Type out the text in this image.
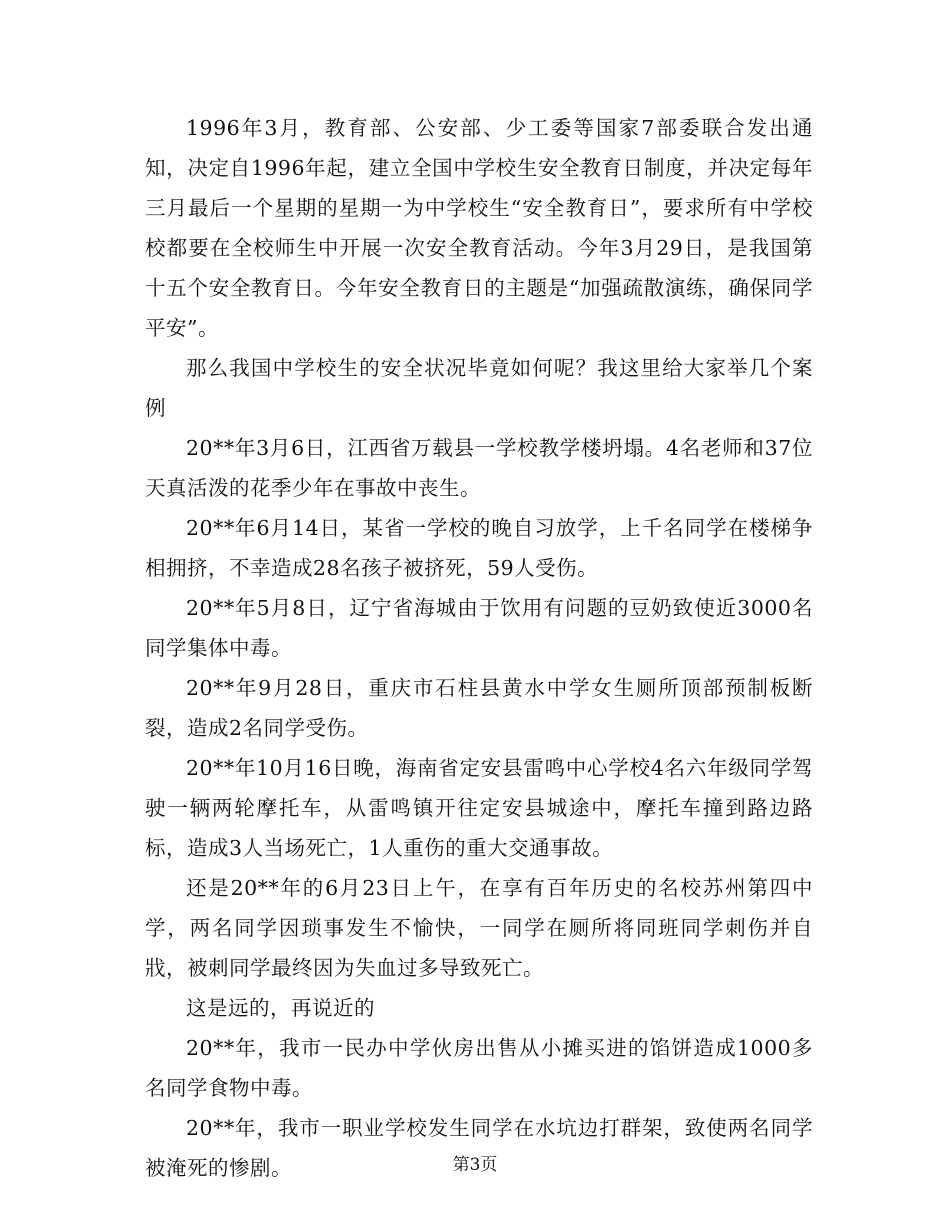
1996年3月，教育部、公安部、少工委等国家7部委联合发出通知，决定自1996年起，建立全国中学校生安全教育日制度，并决定每年三月最后一个星期的星期一为中学校生“安全教育日”，要求所有中学校校都要在全校师生中开展一次安全教育活动。今年3月29日，是我国第十五个安全教育日。今年安全教育日的主题是“加强疏散演练，确保同学平安”。

那么我国中学校生的安全状况毕竟如何呢？我这里给大家举几个案例

20**年3月6日，江西省万载县一学校教学楼坍塌。4名老师和37位天真活泼的花季少年在事故中丧生。

20**年6月14日，某省一学校的晚自习放学，上千名同学在楼梯争相拥挤，不幸造成28名孩子被挤死，59人受伤。

20**年5月8日，辽宁省海城由于饮用有问题的豆奶致使近3000名同学集体中毒。

20**年9月28日，重庆市石柱县黄水中学女生厕所顶部预制板断裂，造成2名同学受伤。

20**年10月16日晚，海南省定安县雷鸣中心学校4名六年级同学驾驶一辆两轮摩托车，从雷鸣镇开往定安县城途中，摩托车撞到路边路标，造成3人当场死亡，1人重伤的重大交通事故。

还是20**年的6月23日上午，在享有百年历史的名校苏州第四中学，两名同学因琐事发生不愉快，一同学在厕所将同班同学刺伤并自戕，被刺同学最终因为失血过多导致死亡。

这是远的，再说近的

20**年，我市一民办中学伙房出售从小摊买进的馅饼造成1000多名同学食物中毒。

20**年，我市一职业学校发生同学在水坑边打群架，致使两名同学被淹死的惨剧。	第3页
